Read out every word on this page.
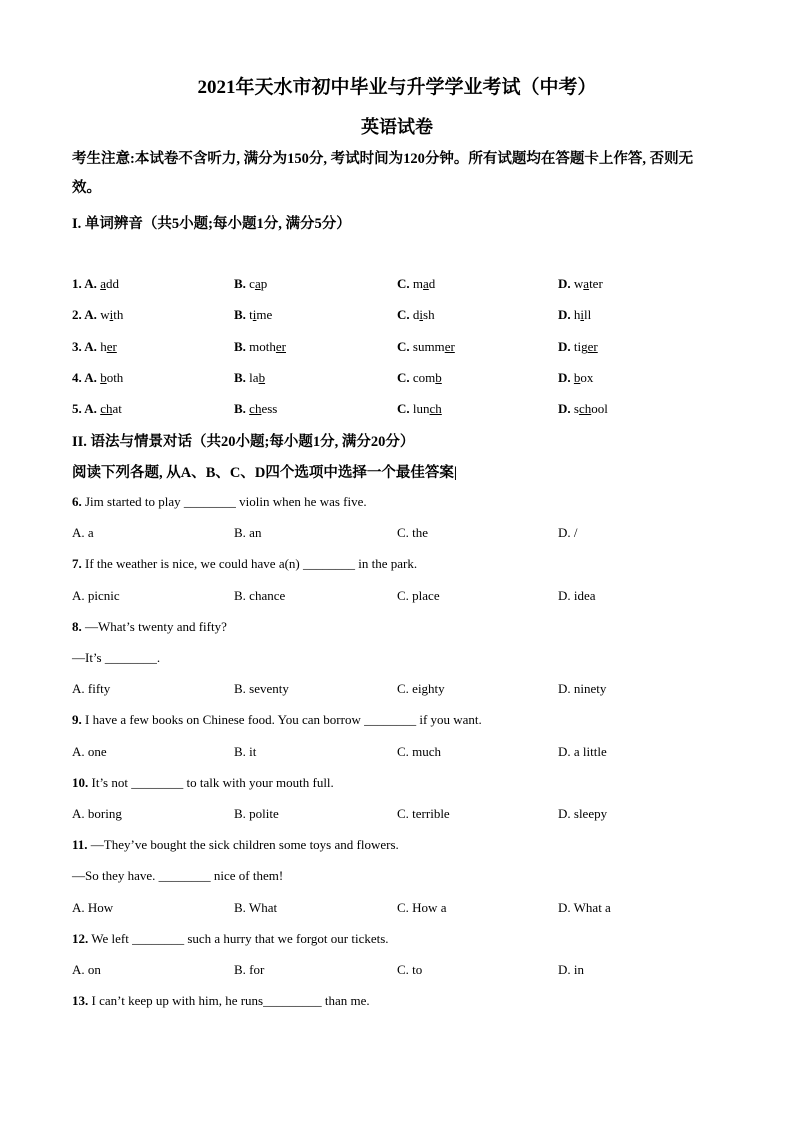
2021年天水市初中毕业与升学学业考试（中考）
英语试卷
考生注意:本试卷不含听力, 满分为150分, 考试时间为120分钟。所有试题均在答题卡上作答, 否则无效。
I. 单词辨音（共5小题;每小题1分, 满分5分）
1. A. add	B. cap	C. mad	D. water
2. A. with	B. time	C. dish	D. hill
3. A. her	B. mother	C. summer	D. tiger
4. A. both	B. lab	C. comb	D. box
5. A. chat	B. chess	C. lunch	D. school
II. 语法与情景对话（共20小题;每小题1分, 满分20分）
阅读下列各题, 从A、B、C、D四个选项中选择一个最佳答案|
6. Jim started to play ________ violin when he was five.
A. a	B. an	C. the	D. /
7. If the weather is nice, we could have a(n) ________ in the park.
A. picnic	B. chance	C. place	D. idea
8. —What’s twenty and fifty?
—It’s ________.
A. fifty	B. seventy	C. eighty	D. ninety
9. I have a few books on Chinese food. You can borrow ________ if you want.
A. one	B. it	C. much	D. a little
10. It’s not ________ to talk with your mouth full.
A. boring	B. polite	C. terrible	D. sleepy
11. —They’ve bought the sick children some toys and flowers.
—So they have. ________ nice of them!
A. How	B. What	C. How a	D. What a
12. We left ________ such a hurry that we forgot our tickets.
A. on	B. for	C. to	D. in
13. I can’t keep up with him, he runs_________ than me.
